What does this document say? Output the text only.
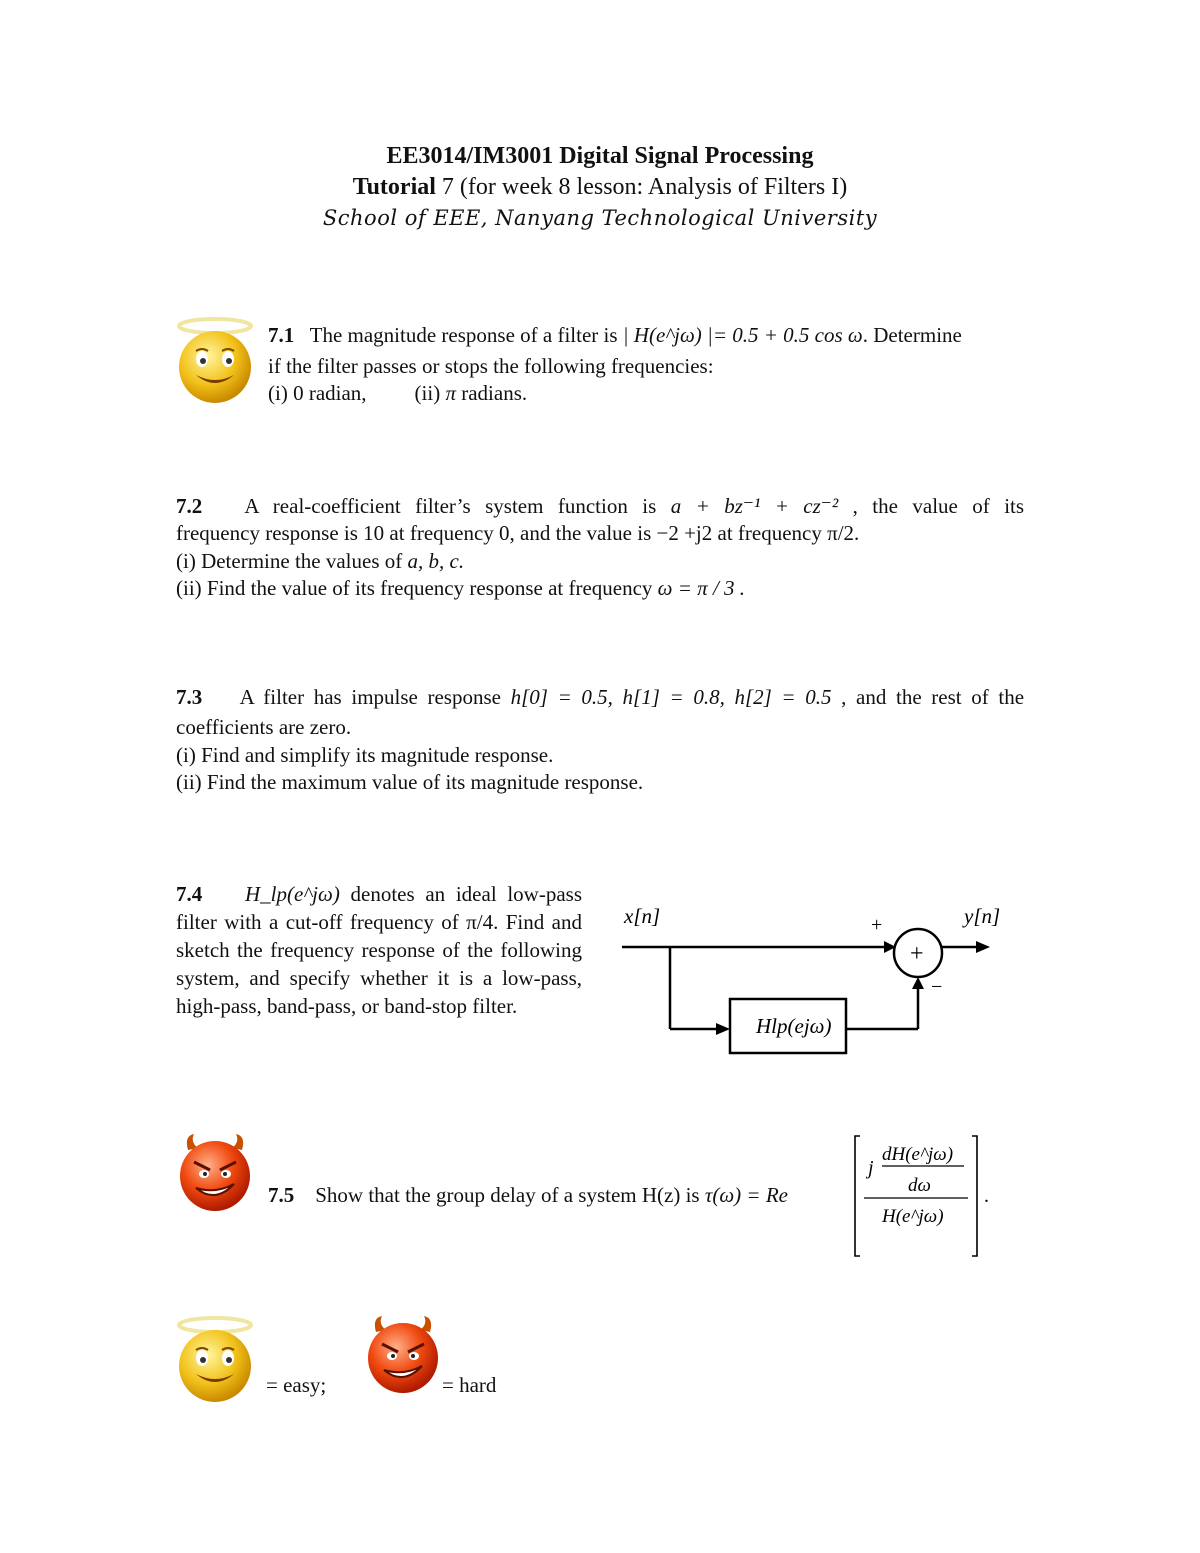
EE3014/IM3001 Digital Signal Processing
Tutorial 7 (for week 8 lesson: Analysis of Filters I)
School of EEE, Nanyang Technological University
7.1 The magnitude response of a filter is | H(e^jω) |= 0.5 + 0.5 cos ω. Determine
if the filter passes or stops the following frequencies:
(i) 0 radian, (ii) π radians.
7.2 A real-coefficient filter’s system function is a + bz⁻¹ + cz⁻² , the value of its
frequency response is 10 at frequency 0, and the value is −2 +j2 at frequency π/2.
(i) Determine the values of a, b, c.
(ii) Find the value of its frequency response at frequency ω = π / 3 .
7.3 A filter has impulse response h[0] = 0.5, h[1] = 0.8, h[2] = 0.5 , and the rest of the
coefficients are zero.
(i) Find and simplify its magnitude response.
(ii) Find the maximum value of its magnitude response.
7.4 H_lp(e^jω) denotes an ideal low-pass filter with a cut-off frequency of π/4. Find and sketch the frequency response of the following system, and specify whether it is a low-pass, high-pass, band-pass, or band-stop filter.
x[n]	y[n]
+
−
+
Hlp(ejω)
7.5 Show that the group delay of a system H(z) is τ(ω) = Re
j
dH(e^jω)
dω
H(e^jω)
.
= easy;	= hard
